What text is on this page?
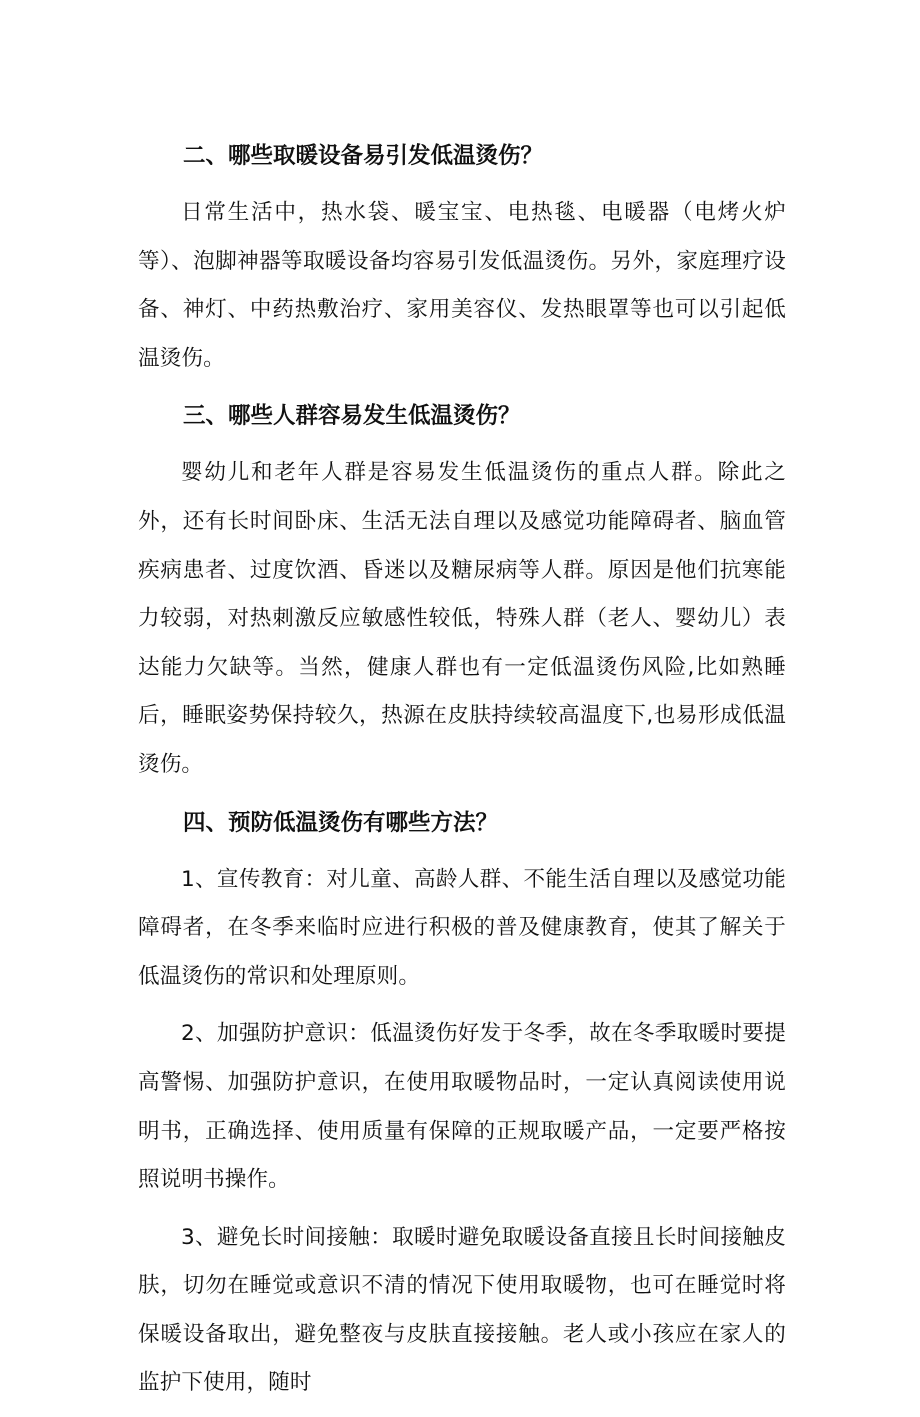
二、哪些取暖设备易引发低温烫伤？

日常生活中，热水袋、暖宝宝、电热毯、电暖器（电烤火炉等）、泡脚神器等取暖设备均容易引发低温烫伤。另外，家庭理疗设备、神灯、中药热敷治疗、家用美容仪、发热眼罩等也可以引起低温烫伤。

三、哪些人群容易发生低温烫伤？

婴幼儿和老年人群是容易发生低温烫伤的重点人群。除此之外，还有长时间卧床、生活无法自理以及感觉功能障碍者、脑血管疾病患者、过度饮酒、昏迷以及糖尿病等人群。原因是他们抗寒能力较弱，对热刺激反应敏感性较低，特殊人群（老人、婴幼儿）表达能力欠缺等。当然，健康人群也有一定低温烫伤风险,比如熟睡后，睡眠姿势保持较久，热源在皮肤持续较高温度下,也易形成低温烫伤。

四、预防低温烫伤有哪些方法？

1、宣传教育：对儿童、高龄人群、不能生活自理以及感觉功能障碍者，在冬季来临时应进行积极的普及健康教育，使其了解关于低温烫伤的常识和处理原则。

2、加强防护意识：低温烫伤好发于冬季，故在冬季取暖时要提高警惕、加强防护意识，在使用取暖物品时，一定认真阅读使用说明书，正确选择、使用质量有保障的正规取暖产品，一定要严格按照说明书操作。

3、避免长时间接触：取暖时避免取暖设备直接且长时间接触皮肤，切勿在睡觉或意识不清的情况下使用取暖物，也可在睡觉时将保暖设备取出，避免整夜与皮肤直接接触。老人或小孩应在家人的监护下使用，随时
